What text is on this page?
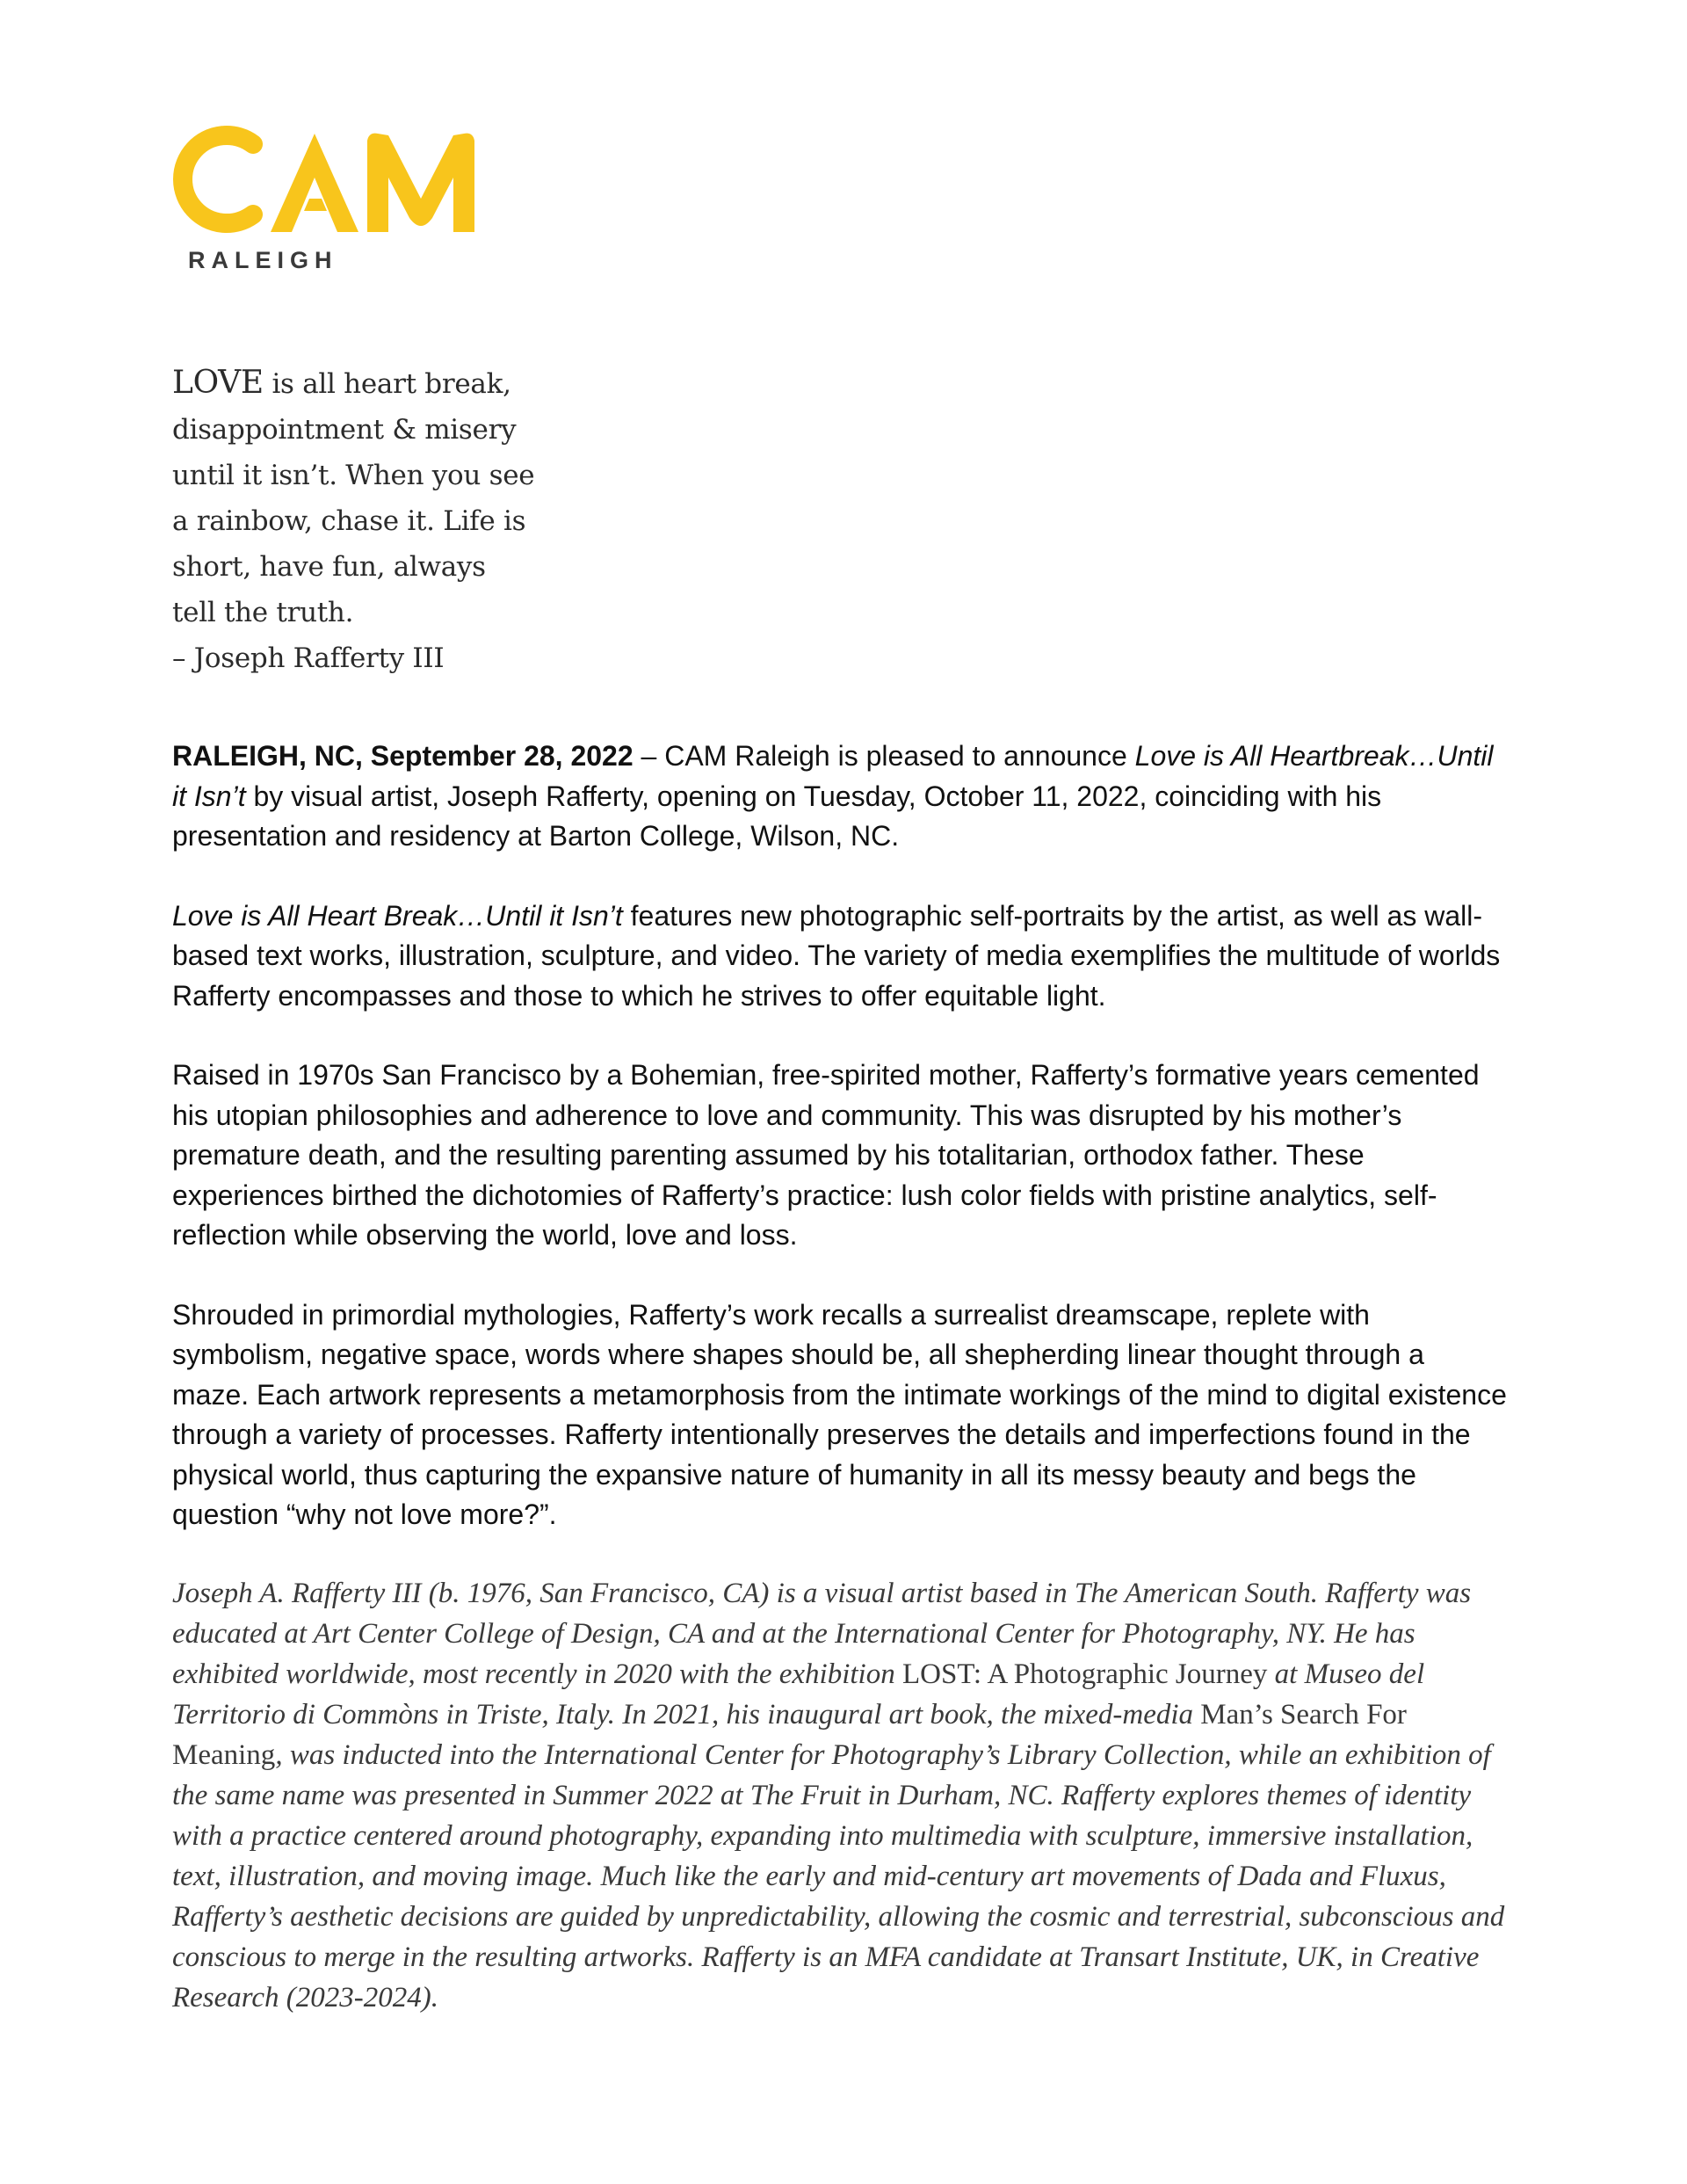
RALEIGH
LOVE is all heart break,
disappointment & misery
until it isn’t. When you see
a rainbow, chase it. Life is
short, have fun, always
tell the truth.
– Joseph Rafferty III

RALEIGH, NC, September 28, 2022 – CAM Raleigh is pleased to announce Love is All Heartbreak…Until it Isn’t by visual artist, Joseph Rafferty, opening on Tuesday, October 11, 2022, coinciding with his presentation and residency at Barton College, Wilson, NC.

Love is All Heart Break…Until it Isn’t features new photographic self-portraits by the artist, as well as wall-based text works, illustration, sculpture, and video. The variety of media exemplifies the multitude of worlds Rafferty encompasses and those to which he strives to offer equitable light.

Raised in 1970s San Francisco by a Bohemian, free-spirited mother, Rafferty’s formative years cemented his utopian philosophies and adherence to love and community. This was disrupted by his mother’s premature death, and the resulting parenting assumed by his totalitarian, orthodox father. These experiences birthed the dichotomies of Rafferty’s practice: lush color fields with pristine analytics, self-reflection while observing the world, love and loss.

Shrouded in primordial mythologies, Rafferty’s work recalls a surrealist dreamscape, replete with symbolism, negative space, words where shapes should be, all shepherding linear thought through a maze. Each artwork represents a metamorphosis from the intimate workings of the mind to digital existence through a variety of processes. Rafferty intentionally preserves the details and imperfections found in the physical world, thus capturing the expansive nature of humanity in all its messy beauty and begs the question “why not love more?”.

Joseph A. Rafferty III (b. 1976, San Francisco, CA) is a visual artist based in The American South. Rafferty was educated at Art Center College of Design, CA and at the International Center for Photography, NY. He has exhibited worldwide, most recently in 2020 with the exhibition LOST: A Photographic Journey at Museo del Territorio di Commòns in Triste, Italy. In 2021, his inaugural art book, the mixed-media Man’s Search For Meaning, was inducted into the International Center for Photography’s Library Collection, while an exhibition of the same name was presented in Summer 2022 at The Fruit in Durham, NC. Rafferty explores themes of identity with a practice centered around photography, expanding into multimedia with sculpture, immersive installation, text, illustration, and moving image. Much like the early and mid-century art movements of Dada and Fluxus, Rafferty’s aesthetic decisions are guided by unpredictability, allowing the cosmic and terrestrial, subconscious and conscious to merge in the resulting artworks. Rafferty is an MFA candidate at Transart Institute, UK, in Creative Research (2023-2024).
